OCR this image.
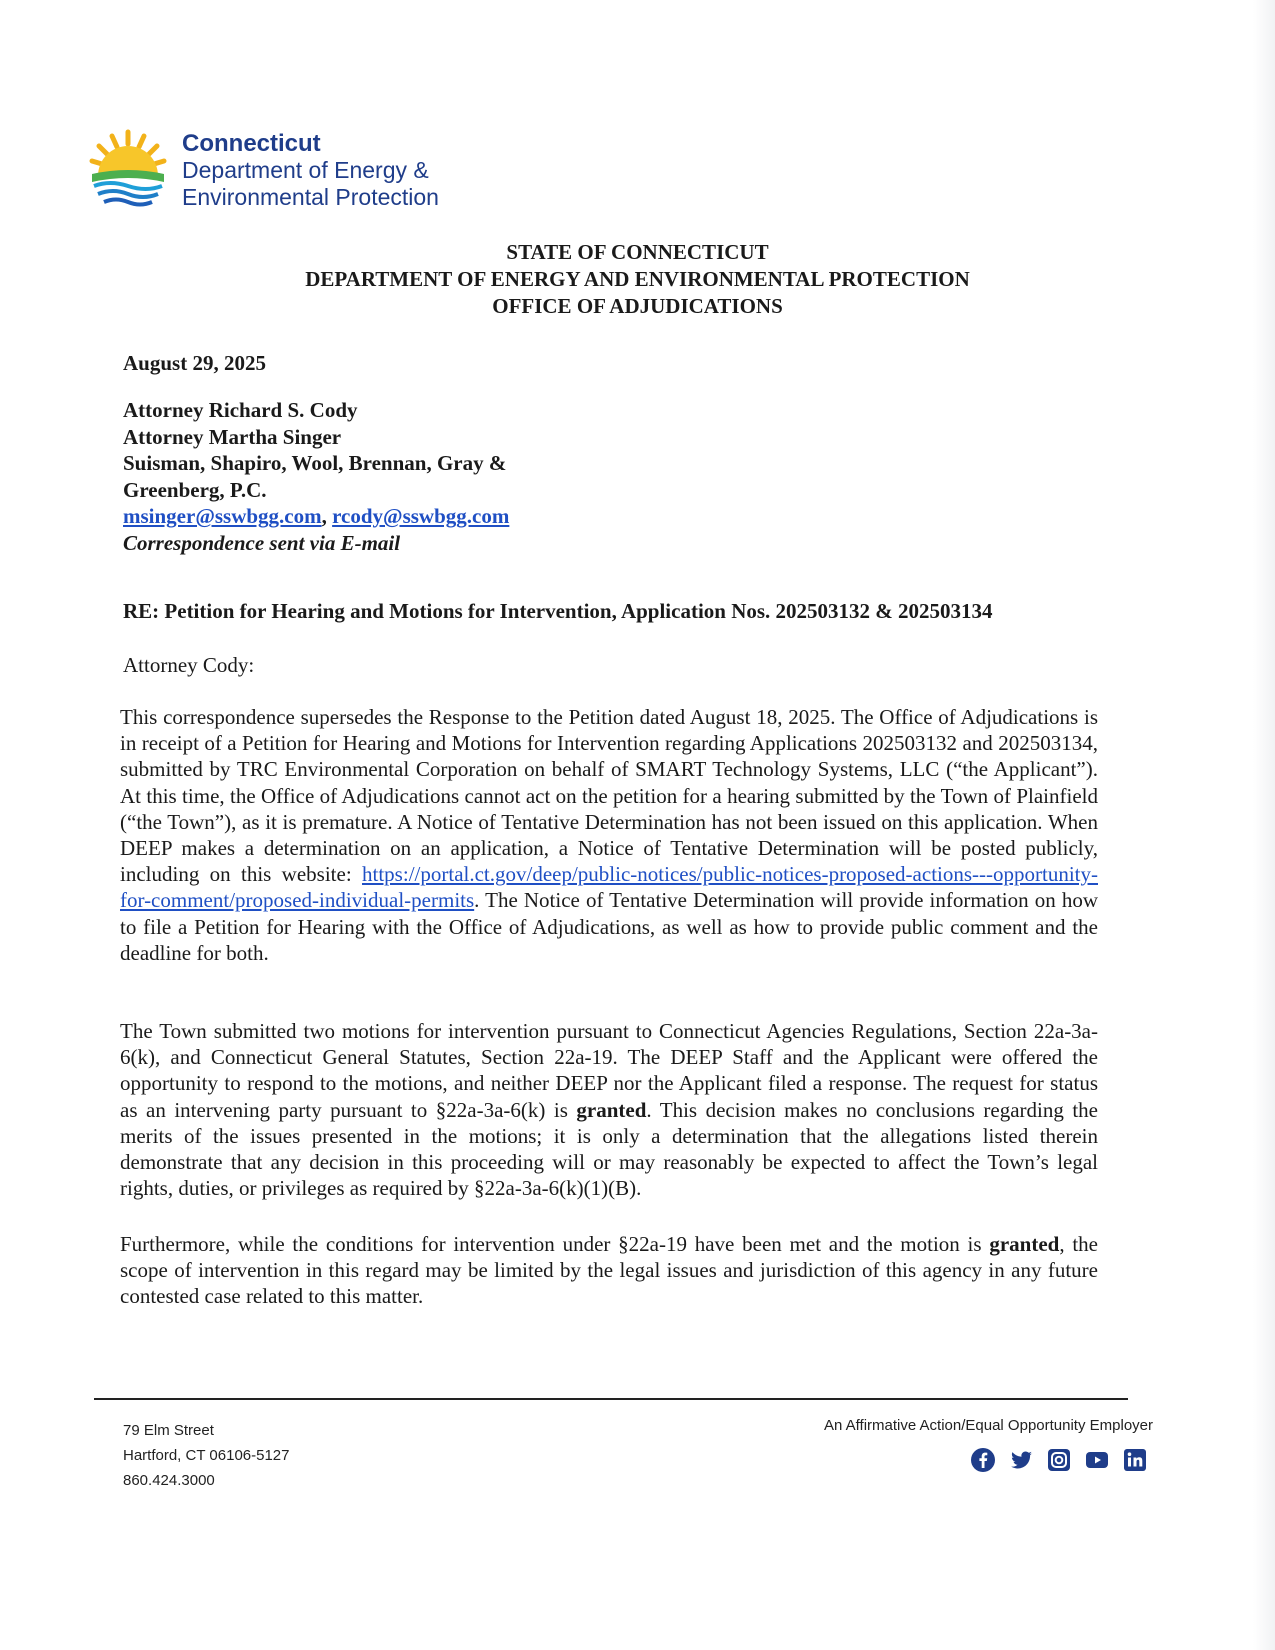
Connecticut
Department of Energy &
Environmental Protection
STATE OF CONNECTICUT
DEPARTMENT OF ENERGY AND ENVIRONMENTAL PROTECTION
OFFICE OF ADJUDICATIONS
August 29, 2025
Attorney Richard S. Cody
Attorney Martha Singer
Suisman, Shapiro, Wool, Brennan, Gray &
Greenberg, P.C.
msinger@sswbgg.com, rcody@sswbgg.com
Correspondence sent via E-mail
RE: Petition for Hearing and Motions for Intervention, Application Nos. 202503132 & 202503134
Attorney Cody:
This correspondence supersedes the Response to the Petition dated August 18, 2025. The Office of Adjudications is in receipt of a Petition for Hearing and Motions for Intervention regarding Applications 202503132 and 202503134, submitted by TRC Environmental Corporation on behalf of SMART Technology Systems, LLC (“the Applicant”). At this time, the Office of Adjudications cannot act on the petition for a hearing submitted by the Town of Plainfield (“the Town”), as it is premature. A Notice of Tentative Determination has not been issued on this application. When DEEP makes a determination on an application, a Notice of Tentative Determination will be posted publicly, including on this website: https://portal.ct.gov/deep/public-notices/public-notices-proposed-actions---opportunity-for-comment/proposed-individual-permits. The Notice of Tentative Determination will provide information on how to file a Petition for Hearing with the Office of Adjudications, as well as how to provide public comment and the deadline for both.
The Town submitted two motions for intervention pursuant to Connecticut Agencies Regulations, Section 22a-3a-6(k), and Connecticut General Statutes, Section 22a-19. The DEEP Staff and the Applicant were offered the opportunity to respond to the motions, and neither DEEP nor the Applicant filed a response. The request for status as an intervening party pursuant to §22a-3a-6(k) is granted. This decision makes no conclusions regarding the merits of the issues presented in the motions; it is only a determination that the allegations listed therein demonstrate that any decision in this proceeding will or may reasonably be expected to affect the Town’s legal rights, duties, or privileges as required by §22a-3a-6(k)(1)(B).
Furthermore, while the conditions for intervention under §22a-19 have been met and the motion is granted, the scope of intervention in this regard may be limited by the legal issues and jurisdiction of this agency in any future contested case related to this matter.
79 Elm Street
Hartford, CT 06106-5127
860.424.3000
An Affirmative Action/Equal Opportunity Employer
